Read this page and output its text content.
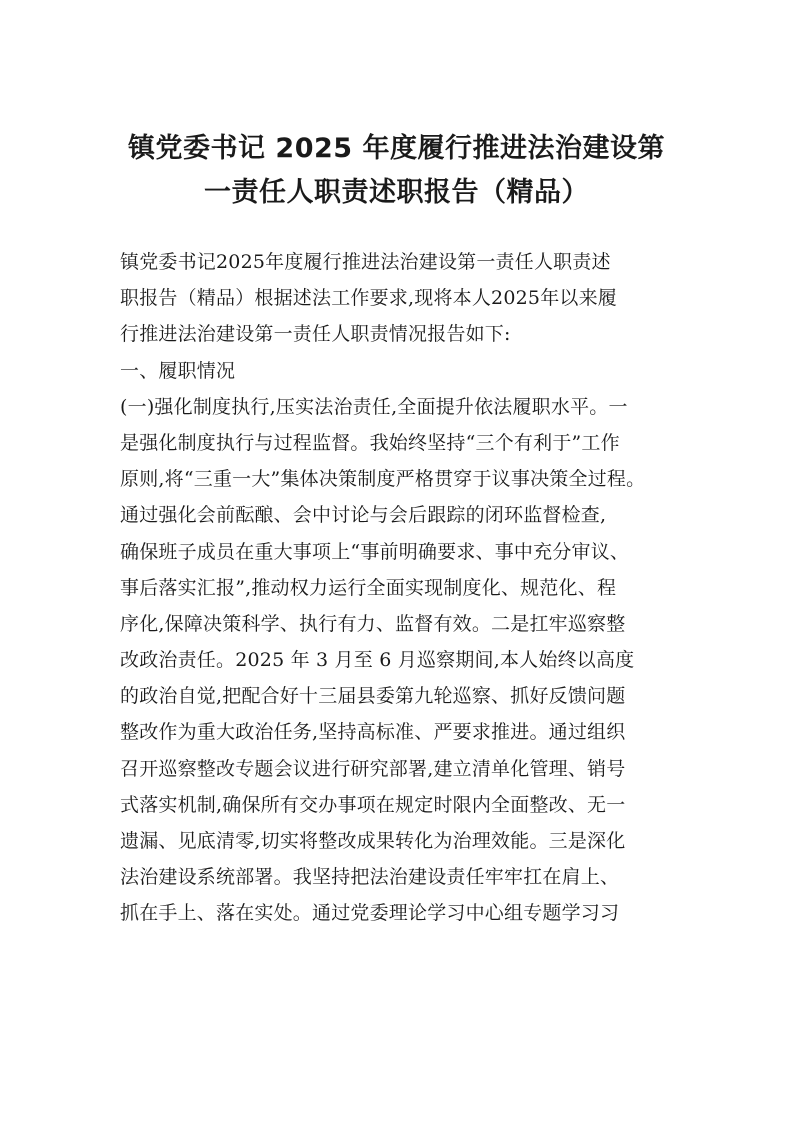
镇党委书记 2025 年度履行推进法治建设第
一责任人职责述职报告（精品）
镇党委书记2025年度履行推进法治建设第一责任人职责述
职报告（精品）根据述法工作要求,现将本人2025年以来履
行推进法治建设第一责任人职责情况报告如下:
一、履职情况
(一)强化制度执行,压实法治责任,全面提升依法履职水平。一
是强化制度执行与过程监督。我始终坚持“三个有利于”工作
原则,将“三重一大”集体决策制度严格贯穿于议事决策全过程。
通过强化会前酝酿、会中讨论与会后跟踪的闭环监督检查,
确保班子成员在重大事项上“事前明确要求、事中充分审议、
事后落实汇报”,推动权力运行全面实现制度化、规范化、程
序化,保障决策科学、执行有力、监督有效。二是扛牢巡察整
改政治责任。2025 年 3 月至 6 月巡察期间,本人始终以高度
的政治自觉,把配合好十三届县委第九轮巡察、抓好反馈问题
整改作为重大政治任务,坚持高标准、严要求推进。通过组织
召开巡察整改专题会议进行研究部署,建立清单化管理、销号
式落实机制,确保所有交办事项在规定时限内全面整改、无一
遗漏、见底清零,切实将整改成果转化为治理效能。三是深化
法治建设系统部署。我坚持把法治建设责任牢牢扛在肩上、
抓在手上、落在实处。通过党委理论学习中心组专题学习习
